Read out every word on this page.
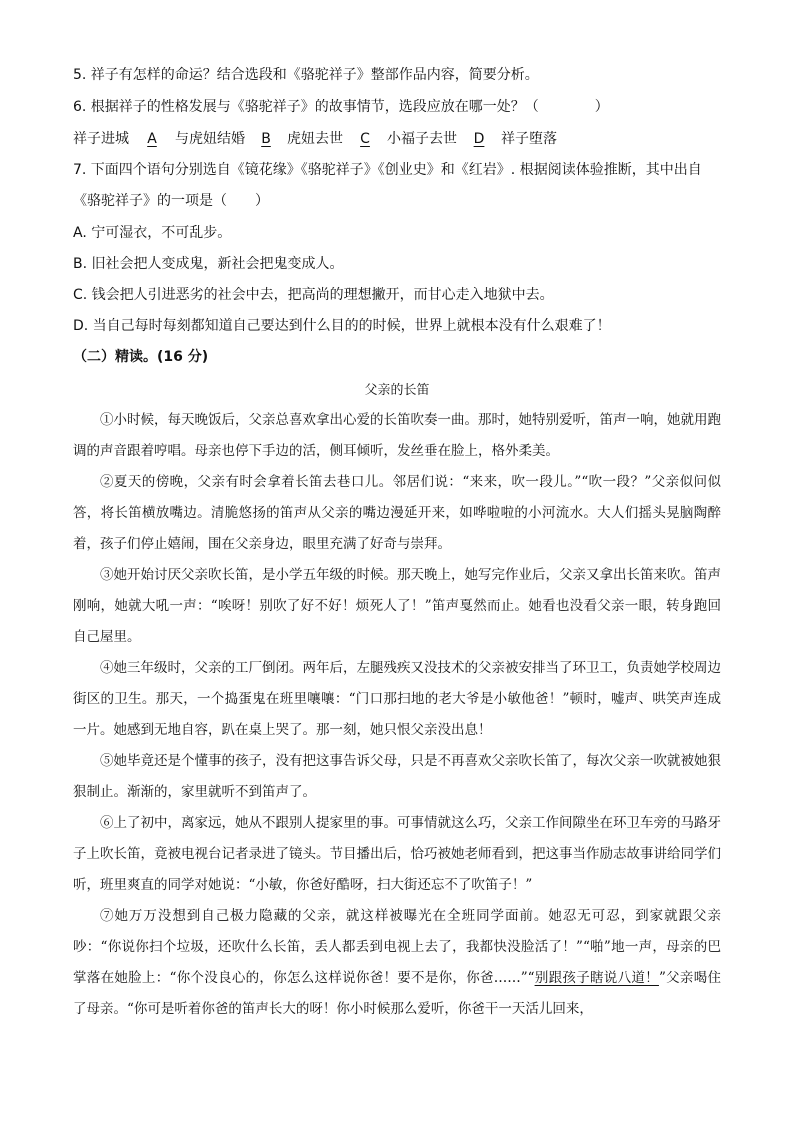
5. 祥子有怎样的命运？结合选段和《骆驼祥子》整部作品内容，简要分析。
6. 根据祥子的性格发展与《骆驼祥子》的故事情节，选段应放在哪一处？（　　　　）
祥子进城 A 与虎妞结婚 B 虎妞去世 C 小福子去世 D 祥子堕落
7. 下面四个语句分别选自《镜花缘》《骆驼祥子》《创业史》和《红岩》. 根据阅读体验推断，其中出自
《骆驼祥子》的一项是（　　）
A. 宁可湿衣，不可乱步。
B. 旧社会把人变成鬼，新社会把鬼变成人。
C. 钱会把人引进恶劣的社会中去，把高尚的理想撇开，而甘心走入地狱中去。
D. 当自己每时每刻都知道自己要达到什么目的的时候，世界上就根本没有什么艰难了！
（二）精读。(16 分)
父亲的长笛
①小时候，每天晚饭后，父亲总喜欢拿出心爱的长笛吹奏一曲。那时，她特别爱听，笛声一响，她就用跑调的声音跟着哼唱。母亲也停下手边的活，侧耳倾听，发丝垂在脸上，格外柔美。
②夏天的傍晚，父亲有时会拿着长笛去巷口儿。邻居们说：“来来，吹一段儿。”“吹一段？”父亲似问似答，将长笛横放嘴边。清脆悠扬的笛声从父亲的嘴边漫延开来，如哗啦啦的小河流水。大人们摇头晃脑陶醉着，孩子们停止嬉闹，围在父亲身边，眼里充满了好奇与崇拜。
③她开始讨厌父亲吹长笛，是小学五年级的时候。那天晚上，她写完作业后，父亲又拿出长笛来吹。笛声刚响，她就大吼一声：“唉呀！别吹了好不好！烦死人了！”笛声戛然而止。她看也没看父亲一眼，转身跑回自己屋里。
④她三年级时，父亲的工厂倒闭。两年后，左腿残疾又没技术的父亲被安排当了环卫工，负责她学校周边街区的卫生。那天，一个捣蛋鬼在班里嚷嚷：“门口那扫地的老大爷是小敏他爸！”顿时，嘘声、哄笑声连成一片。她感到无地自容，趴在桌上哭了。那一刻，她只恨父亲没出息！
⑤她毕竟还是个懂事的孩子，没有把这事告诉父母，只是不再喜欢父亲吹长笛了，每次父亲一吹就被她狠狠制止。渐渐的，家里就听不到笛声了。
⑥上了初中，离家远，她从不跟别人提家里的事。可事情就这么巧，父亲工作间隙坐在环卫车旁的马路牙子上吹长笛，竟被电视台记者录进了镜头。节目播出后，恰巧被她老师看到，把这事当作励志故事讲给同学们听，班里爽直的同学对她说：“小敏，你爸好酷呀，扫大街还忘不了吹笛子！”
⑦她万万没想到自己极力隐藏的父亲，就这样被曝光在全班同学面前。她忍无可忍，到家就跟父亲吵：“你说你扫个垃圾，还吹什么长笛，丢人都丢到电视上去了，我都快没脸活了！”“啪”地一声，母亲的巴掌落在她脸上：“你个没良心的，你怎么这样说你爸！要不是你，你爸……”“别跟孩子瞎说八道！”父亲喝住了母亲。“你可是听着你爸的笛声长大的呀！你小时候那么爱听，你爸干一天活儿回来，
